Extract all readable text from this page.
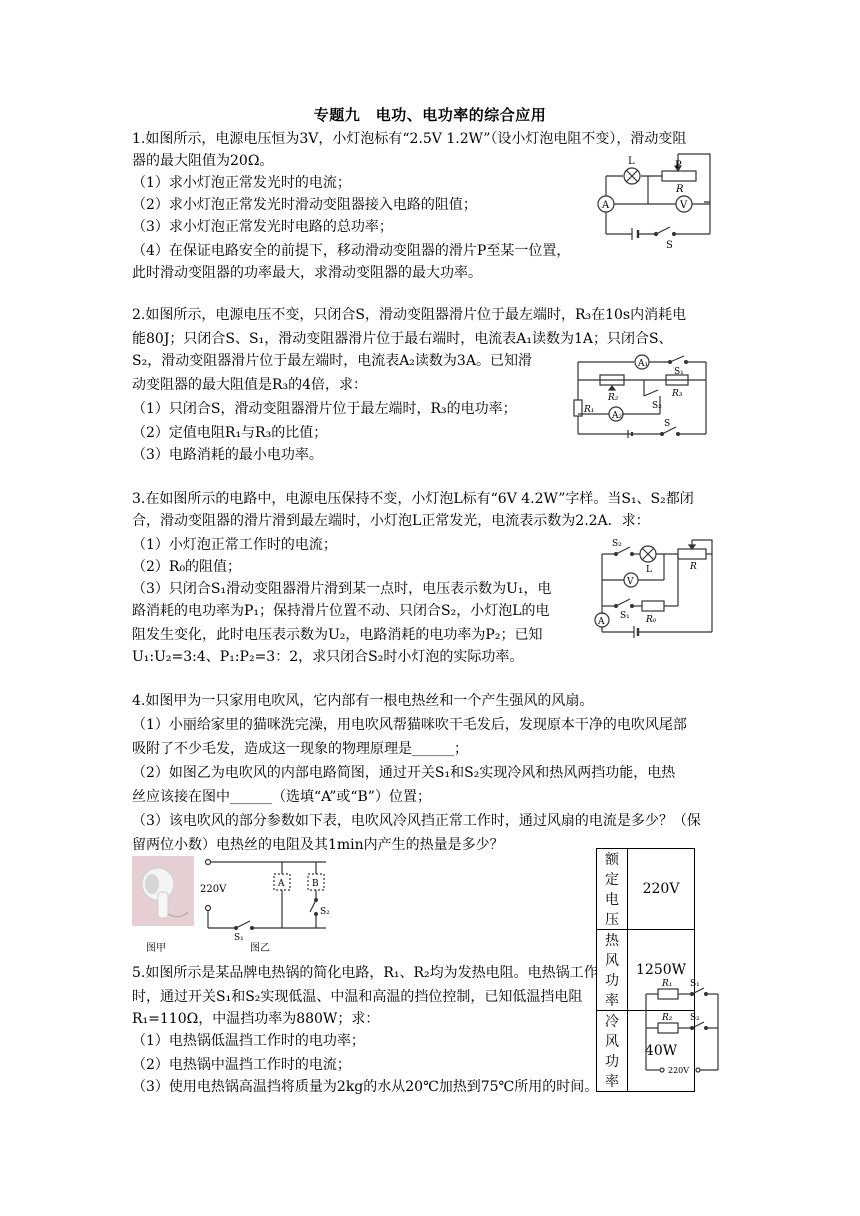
专题九　电功、电功率的综合应用
1.如图所示，电源电压恒为3V，小灯泡标有“2.5V 1.2W”（设小灯泡电阻不变），滑动变阻
器的最大阻值为20Ω。
（1）求小灯泡正常发光时的电流；
（2）求小灯泡正常发光时滑动变阻器接入电路的阻值；
（3）求小灯泡正常发光时电路的总功率；
（4）在保证电路安全的前提下，移动滑动变阻器的滑片P至某一位置，
此时滑动变阻器的功率最大，求滑动变阻器的最大功率。
L	P
R
A	V
S
2.如图所示，电源电压不变，只闭合S，滑动变阻器滑片位于最左端时，R₃在10s内消耗电
能80J；只闭合S、S₁，滑动变阻器滑片位于最右端时，电流表A₁读数为1A；只闭合S、
S₂，滑动变阻器滑片位于最左端时，电流表A₂读数为3A。已知滑
动变阻器的最大阻值是R₃的4倍，求：
（1）只闭合S，滑动变阻器滑片位于最左端时，R₃的电功率；
（2）定值电阻R₁与R₃的比值；
（3）电路消耗的最小电功率。
A₁
S₁
R₂	R₃
R₁	S₂
A₂
S
3.在如图所示的电路中，电源电压保持不变，小灯泡L标有“6V 4.2W”字样。当S₁、S₂都闭
合，滑动变阻器的滑片滑到最左端时，小灯泡L正常发光，电流表示数为2.2A．求：
（1）小灯泡正常工作时的电流；
（2）R₀的阻值；
（3）只闭合S₁滑动变阻器滑片滑到某一点时，电压表示数为U₁，电
路消耗的电功率为P₁；保持滑片位置不动、只闭合S₂，小灯泡L的电
阻发生变化，此时电压表示数为U₂，电路消耗的电功率为P₂；已知
U₁:U₂=3:4、P₁:P₂=3：2，求只闭合S₂时小灯泡的实际功率。
S₂
L	R
V
S₁ R₀
A
4.如图甲为一只家用电吹风，它内部有一根电热丝和一个产生强风的风扇。
（1）小丽给家里的猫咪洗完澡，用电吹风帮猫咪吹干毛发后，发现原本干净的电吹风尾部
吸附了不少毛发，造成这一现象的物理原理是______；
（2）如图乙为电吹风的内部电路简图，通过开关S₁和S₂实现冷风和热风两挡功能，电热
丝应该接在图中______（选填“A”或“B”）位置；
（3）该电吹风的部分参数如下表，电吹风冷风挡正常工作时，通过风扇的电流是多少？（保
留两位小数）电热丝的电阻及其1min内产生的热量是多少？
图甲
220V	A	B
S₁
S₂
图乙
额定电压	220V
热风功率	1250W
冷风功率	40W
5.如图所示是某品牌电热锅的简化电路，R₁、R₂均为发热电阻。电热锅工作
时，通过开关S₁和S₂实现低温、中温和高温的挡位控制，已知低温挡电阻
R₁=110Ω，中温挡功率为880W；求：
（1）电热锅低温挡工作时的电功率；
（2）电热锅中温挡工作时的电流；
（3）使用电热锅高温挡将质量为2kg的水从20℃加热到75℃所用的时间。
R₁ S₁
R₂ S₂
220V
